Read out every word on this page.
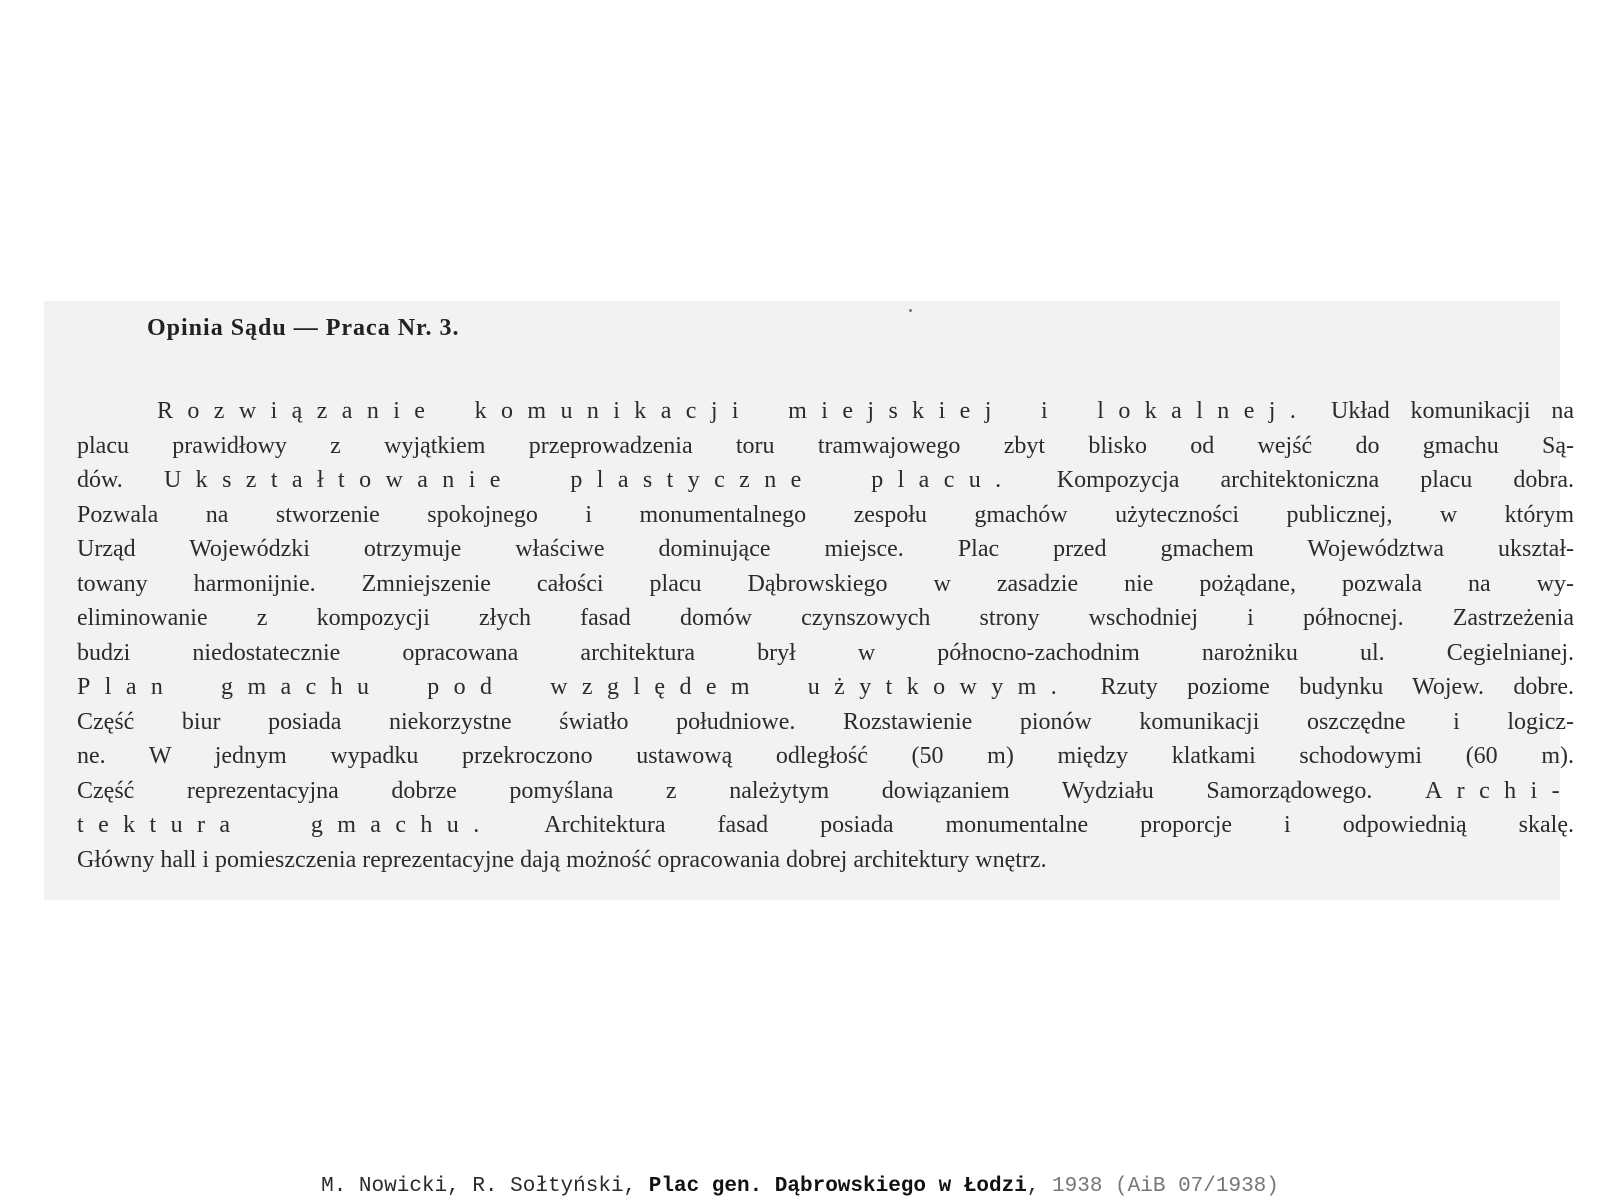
Opinia Sądu — Praca Nr. 3.

Rozwiązanie komunikacji miejskiej i lokalnej. Układ komunikacji na
placu prawidłowy z wyjątkiem przeprowadzenia toru tramwajowego zbyt blisko od wejść do gmachu Są-
dów. Ukształtowanie plastyczne placu. Kompozycja architektoniczna placu dobra.
Pozwala na stworzenie spokojnego i monumentalnego zespołu gmachów użyteczności publicznej, w którym
Urząd Wojewódzki otrzymuje właściwe dominujące miejsce. Plac przed gmachem Województwa ukształ-
towany harmonijnie. Zmniejszenie całości placu Dąbrowskiego w zasadzie nie pożądane, pozwala na wy-
eliminowanie z kompozycji złych fasad domów czynszowych strony wschodniej i północnej. Zastrzeżenia
budzi niedostatecznie opracowana architektura brył w północno-zachodnim narożniku ul. Cegielnianej.
Plan gmachu pod względem użytkowym. Rzuty poziome budynku Wojew. dobre.
Część biur posiada niekorzystne światło południowe. Rozstawienie pionów komunikacji oszczędne i logicz-
ne. W jednym wypadku przekroczono ustawową odległość (50 m) między klatkami schodowymi (60 m).
Część reprezentacyjna dobrze pomyślana z należytym dowiązaniem Wydziału Samorządowego. Archi-
tektura gmachu. Architektura fasad posiada monumentalne proporcje i odpowiednią skalę.
Główny hall i pomieszczenia reprezentacyjne dają możność opracowania dobrej architektury wnętrz.

M. Nowicki, R. Sołtyński, Plac gen. Dąbrowskiego w Łodzi, 1938 (AiB 07/1938)
